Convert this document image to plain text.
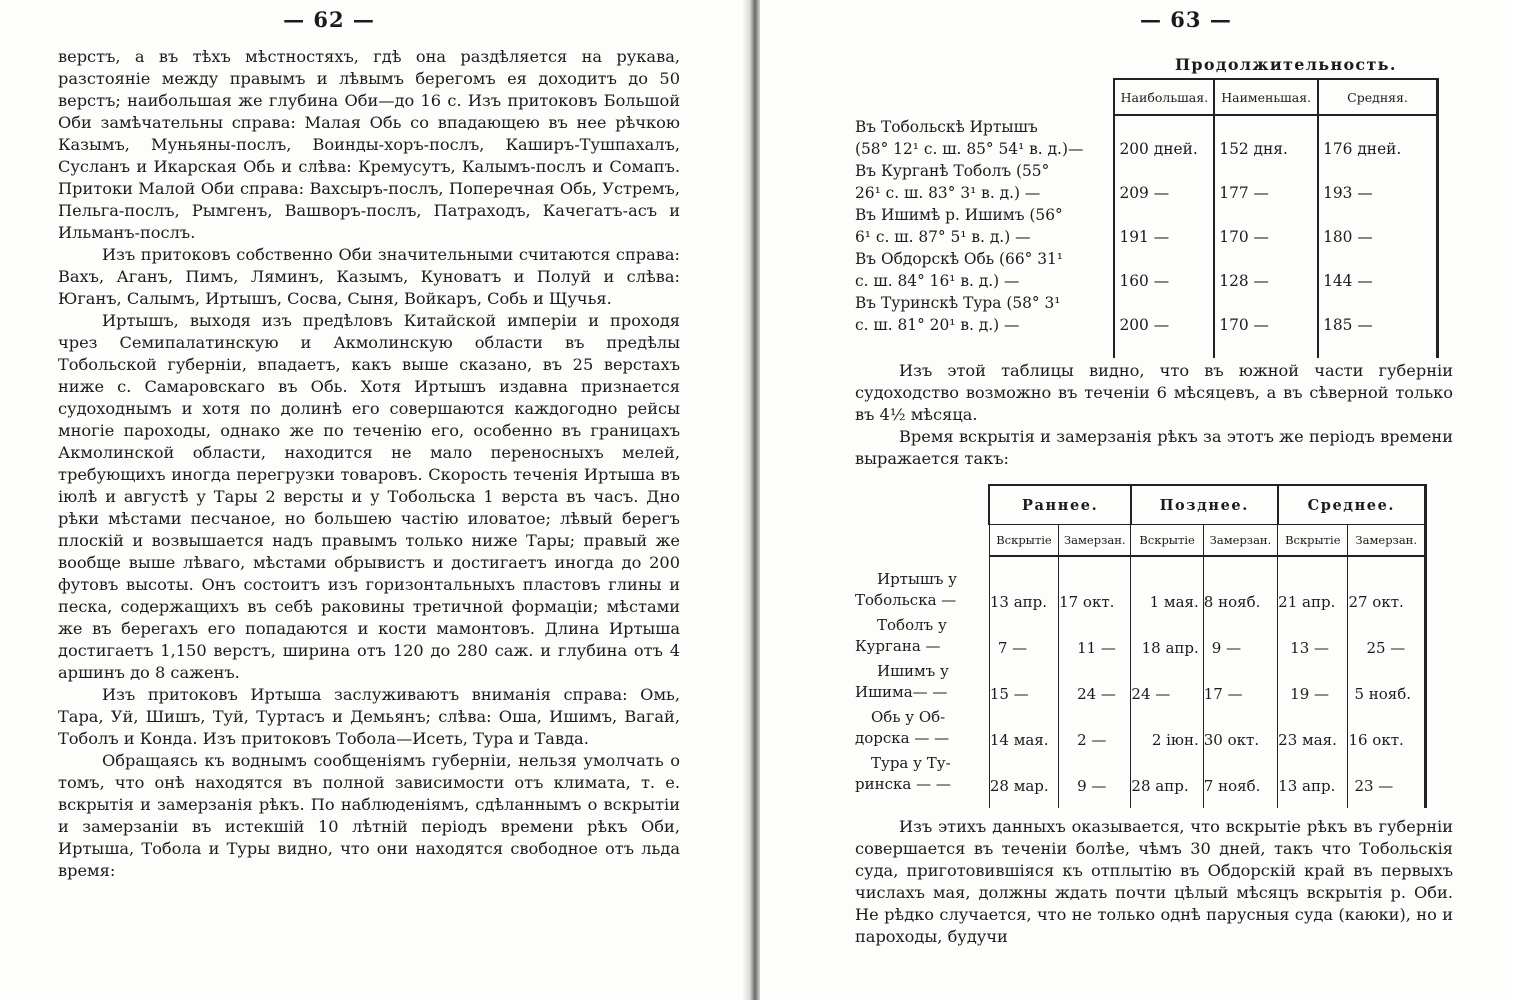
— 62 —

верстъ, а въ тѣхъ мѣстностяхъ, гдѣ она раздѣляется на рукава, разстояніе между правымъ и лѣвымъ берегомъ ея доходитъ до 50 верстъ; наибольшая же глубина Оби—до 16 с. Изъ притоковъ Большой Оби замѣчательны справа: Малая Обь со впадающею въ нее рѣчкою Казымъ, Муньяны-послъ, Воинды-хоръ-послъ, Каширъ-Тушпахалъ, Сусланъ и Икарская Обь и слѣва: Кремусутъ, Калымъ-послъ и Сомапъ. Притоки Малой Оби справа: Вахсыръ-послъ, Поперечная Обь, Устремъ, Пельга-послъ, Рымгенъ, Вашворъ-послъ, Патраходъ, Качегатъ-асъ и Ильманъ-послъ.

Изъ притоковъ собственно Оби значительными считаются справа: Вахъ, Аганъ, Пимъ, Ляминъ, Казымъ, Куноватъ и Полуй и слѣва: Юганъ, Салымъ, Иртышъ, Сосва, Сыня, Войкаръ, Собь и Щучья.

Иртышъ, выходя изъ предѣловъ Китайской имперіи и проходя чрез Семипалатинскую и Акмолинскую области въ предѣлы Тобольской губерніи, впадаетъ, какъ выше сказано, въ 25 верстахъ ниже с. Самаровскаго въ Обь. Хотя Иртышъ издавна признается судоходнымъ и хотя по долинѣ его совершаются каждогодно рейсы многіе пароходы, однако же по теченію его, особенно въ границахъ Акмолинской области, находится не мало переносныхъ мелей, требующихъ иногда перегрузки товаровъ. Скорость теченія Иртыша въ іюлѣ и августѣ у Тары 2 версты и у Тобольска 1 верста въ часъ. Дно рѣки мѣстами песчаное, но большею частію иловатое; лѣвый берегъ плоскій и возвышается надъ правымъ только ниже Тары; правый же вообще выше лѣваго, мѣстами обрывистъ и достигаетъ иногда до 200 футовъ высоты. Онъ состоитъ изъ горизонтальныхъ пластовъ глины и песка, содержащихъ въ себѣ раковины третичной формаціи; мѣстами же въ берегахъ его попадаются и кости мамонтовъ. Длина Иртыша достигаетъ 1,150 верстъ, ширина отъ 120 до 280 саж. и глубина отъ 4 аршинъ до 8 саженъ.

Изъ притоковъ Иртыша заслуживаютъ вниманія справа: Омь, Тара, Уй, Шишъ, Туй, Туртасъ и Демьянъ; слѣва: Оша, Ишимъ, Вагай, Тоболъ и Конда. Изъ притоковъ Тобола—Исеть, Тура и Тавда.

Обращаясь къ воднымъ сообщеніямъ губерніи, нельзя умолчать о томъ, что онѣ находятся въ полной зависимости отъ климата, т. е. вскрытія и замерзанія рѣкъ. По наблюденіямъ, сдѣланнымъ о вскрытіи и замерзаніи въ истекшій 10 лѣтній періодъ времени рѣкъ Оби, Иртыша, Тобола и Туры видно, что они находятся свободное отъ льда время:

— 63 —
Продолжительность.
	Наибольшая.	Наименьшая.	Средняя.
Въ Тобольскѣ Иртышъ			
(58° 12¹ с. ш. 85° 54¹ в. д.)—	200 дней.	152 дня.	176 дней.
Въ Курганѣ Тоболъ (55°			
26¹ с. ш. 83° 3¹ в. д.) —	209 —	177 —	193 —
Въ Ишимѣ р. Ишимъ (56°			
6¹ с. ш. 87° 5¹ в. д.) —	191 —	170 —	180 —
Въ Обдорскѣ Обь (66° 31¹			
с. ш. 84° 16¹ в. д.) —	160 —	128 —	144 —
Въ Туринскѣ Тура (58° 3¹			
с. ш. 81° 20¹ в. д.) —	200 —	170 —	185 —

Изъ этой таблицы видно, что въ южной части губерніи судоходство возможно въ теченіи 6 мѣсяцевъ, а въ сѣверной только въ 4½ мѣсяца.

Время вскрытія и замерзанія рѣкъ за этотъ же періодъ времени выражается такъ:

	Раннее.		Позднее.		Среднее.	
	Вскрытіе	Замерзан.	Вскрытіе	Замерзан.	Вскрытіе	Замерзан.

Иртышъ у
Тобольска —	13 апр.	17 окт.	1 мая.	8 нояб.	21 апр.	27 окт.

Тоболъ у
Кургана —	7 —	11 —	18 апр.	9 —	13 —	25 —

Ишимъ у
Ишима— —	15 —	24 —	24 —	17 —	19 —	5 нояб.

Обь у Об-
дорска — —	14 мая.	2 —	2 іюн.	30 окт.	23 мая.	16 окт.

Тура у Ту-
ринска — —	28 мар.	9 —	28 апр.	7 нояб.	13 апр.	23 —

Изъ этихъ данныхъ оказывается, что вскрытіе рѣкъ въ губерніи совершается въ теченіи болѣе, чѣмъ 30 дней, такъ что Тобольскія суда, приготовившіяся къ отплытію въ Обдорскій край въ первыхъ числахъ мая, должны ждать почти цѣлый мѣсяцъ вскрытія р. Оби. Не рѣдко случается, что не только однѣ парусныя суда (каюки), но и пароходы, будучи
